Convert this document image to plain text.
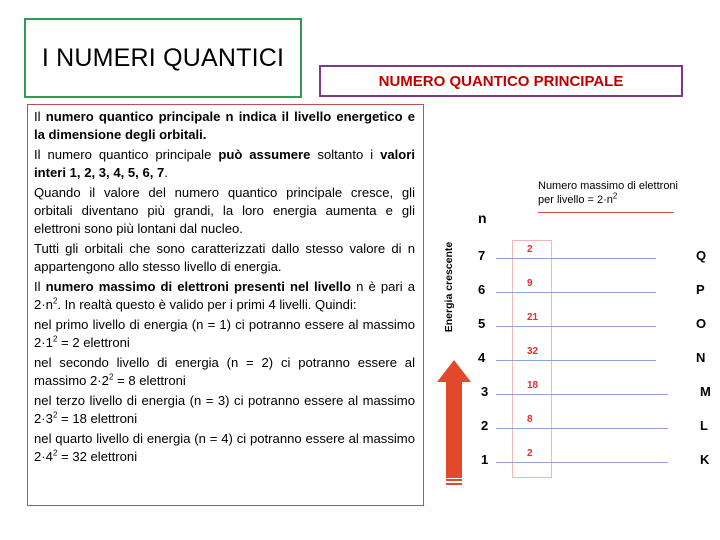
I NUMERI QUANTICI
NUMERO QUANTICO PRINCIPALE

Il numero quantico principale n indica il livello energetico e la dimensione degli orbitali.

Il numero quantico principale può assumere soltanto i valori interi 1, 2, 3, 4, 5, 6, 7.

Quando il valore del numero quantico principale cresce, gli orbitali diventano più grandi, la loro energia aumenta e gli elettroni sono più lontani dal nucleo.

Tutti gli orbitali che sono caratterizzati dallo stesso valore di n appartengono allo stesso livello di energia.

Il numero massimo di elettroni presenti nel livello n è pari a $2\cdot n^2$. In realtà questo è valido per i primi 4 livelli. Quindi:

nel primo livello di energia (n = 1) ci potranno essere al massimo $2\cdot 1^2 = 2$ elettroni

nel secondo livello di energia (n = 2) ci potranno essere al massimo $2\cdot 2^2 = 8$ elettroni

nel terzo livello di energia (n = 3) ci potranno essere al massimo $2\cdot 3^2 = 18$ elettroni

nel quarto livello di energia (n = 4) ci potranno essere al massimo $2\cdot 4^2 = 32$ elettroni

Numero massimo di elettroni per livello = $2\cdot n^2$
n
Energia crescente 7	2	Q
6	9	P
5	21	O
4	32	N
3	18	M
2	8	L
1	2	K
